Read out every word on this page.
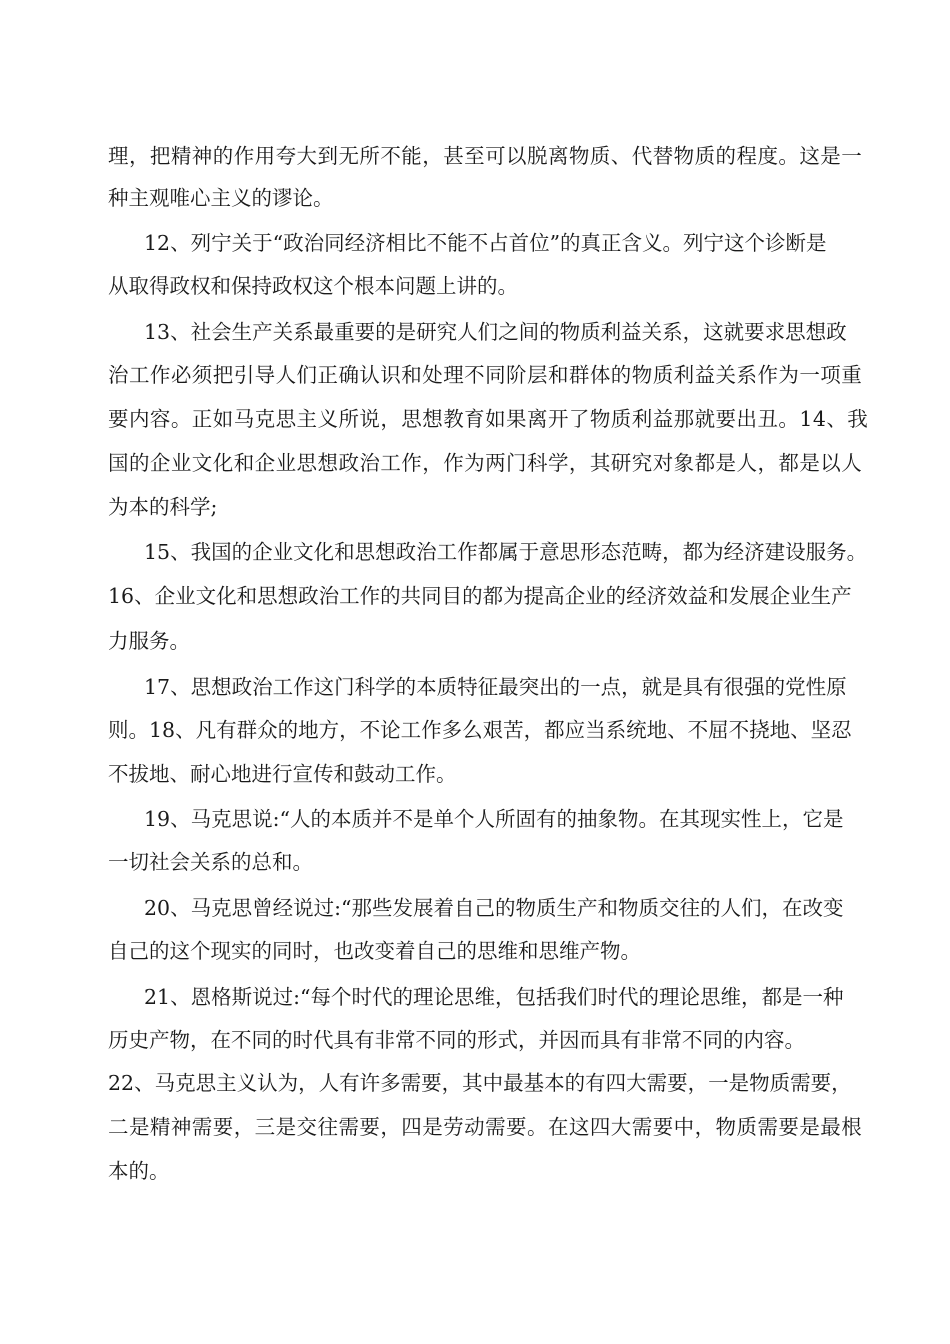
理，把精神的作用夸大到无所不能，甚至可以脱离物质、代替物质的程度。这是一
种主观唯心主义的谬论。
12、列宁关于“政治同经济相比不能不占首位”的真正含义。列宁这个诊断是
从取得政权和保持政权这个根本问题上讲的。
13、社会生产关系最重要的是研究人们之间的物质利益关系，这就要求思想政
治工作必须把引导人们正确认识和处理不同阶层和群体的物质利益关系作为一项重
要内容。正如马克思主义所说，思想教育如果离开了物质利益那就要出丑。14、我
国的企业文化和企业思想政治工作，作为两门科学，其研究对象都是人，都是以人
为本的科学;
15、我国的企业文化和思想政治工作都属于意思形态范畴，都为经济建设服务。
16、企业文化和思想政治工作的共同目的都为提高企业的经济效益和发展企业生产
力服务。
17、思想政治工作这门科学的本质特征最突出的一点，就是具有很强的党性原
则。18、凡有群众的地方，不论工作多么艰苦，都应当系统地、不屈不挠地、坚忍
不拔地、耐心地进行宣传和鼓动工作。
19、马克思说:“人的本质并不是单个人所固有的抽象物。在其现实性上，它是
一切社会关系的总和。
20、马克思曾经说过:“那些发展着自己的物质生产和物质交往的人们，在改变
自己的这个现实的同时，也改变着自己的思维和思维产物。
21、恩格斯说过:“每个时代的理论思维，包括我们时代的理论思维，都是一种
历史产物，在不同的时代具有非常不同的形式，并因而具有非常不同的内容。
22、马克思主义认为，人有许多需要，其中最基本的有四大需要，一是物质需要，
二是精神需要，三是交往需要，四是劳动需要。在这四大需要中，物质需要是最根
本的。
